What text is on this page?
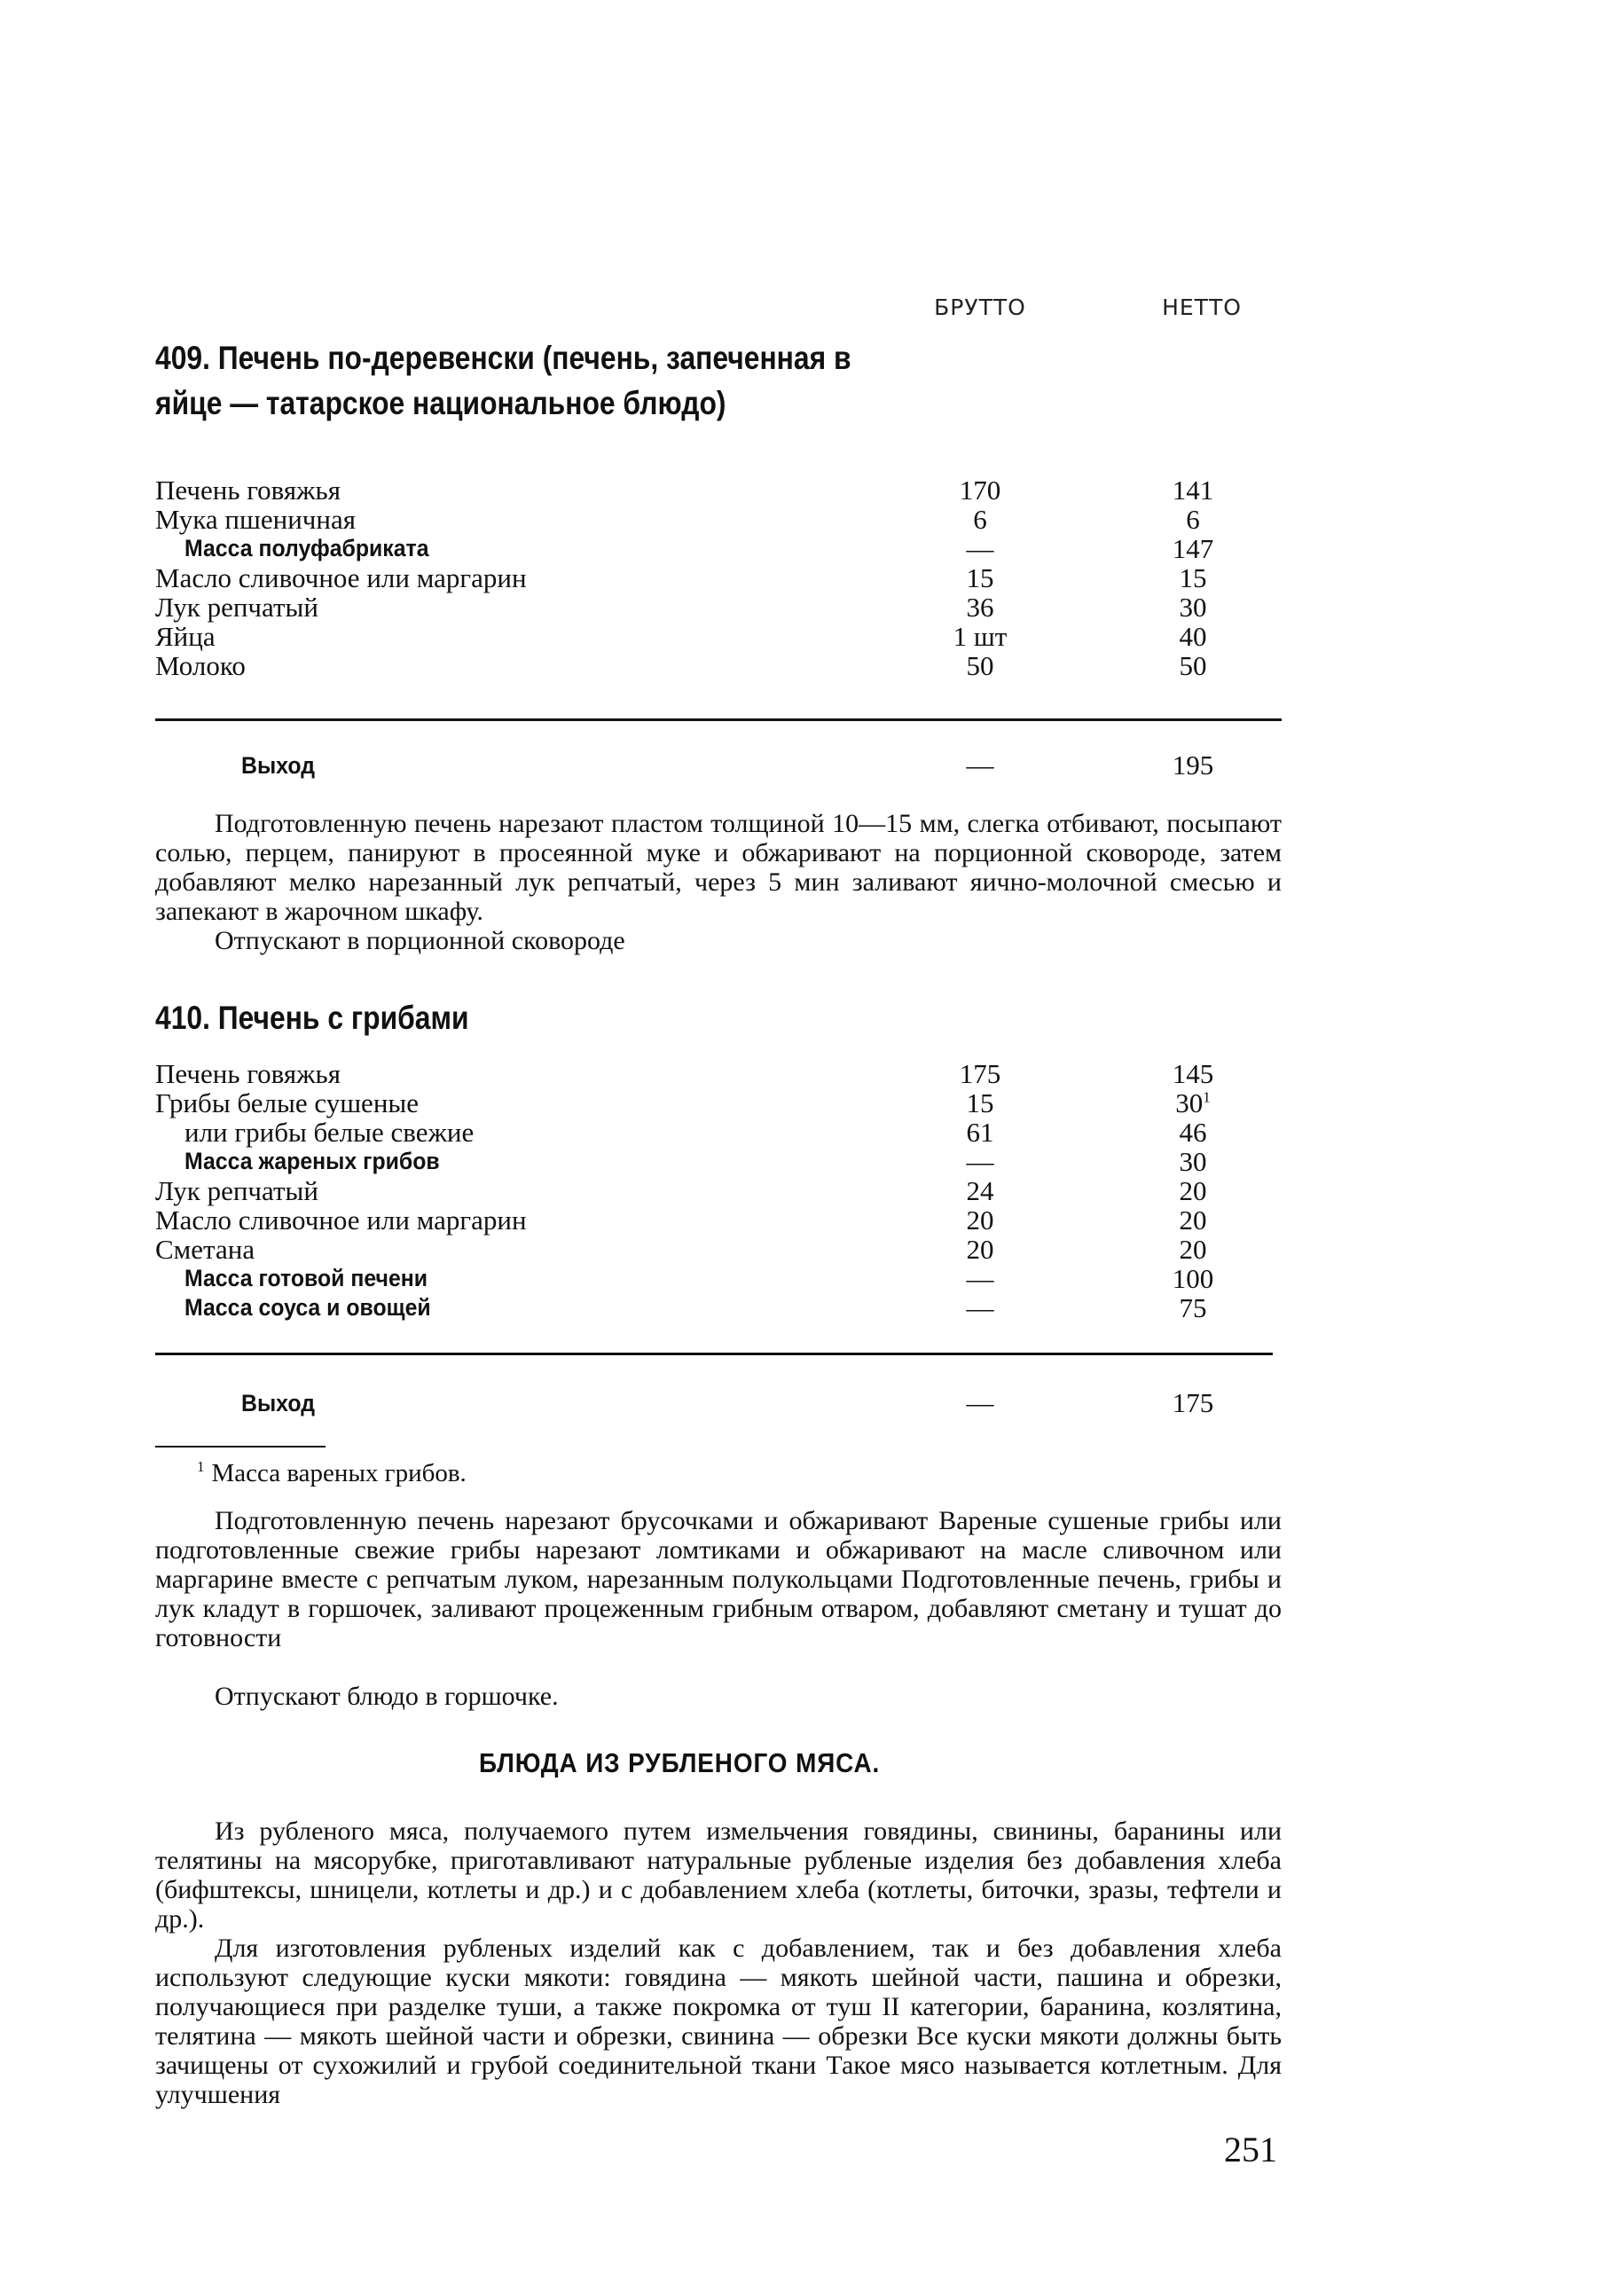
БРУТТО	НЕТТО
409. Печень по-деревенски (печень, запеченная в яйце — татарское национальное блюдо)
Печень говяжья	170	141
Мука пшеничная	6	6
Масса полуфабриката	—	147
Масло сливочное или маргарин	15	15
Лук репчатый	36	30
Яйца	1 шт	40
Молоко	50	50
Выход	—	195

Подготовленную печень нарезают пластом толщиной 10—15 мм, слегка отбивают, посыпают солью, перцем, панируют в просеянной муке и обжаривают на порционной сковороде, затем добавляют мелко нарезанный лук репчатый, через 5 мин заливают яично-молочной смесью и запекают в жарочном шкафу.

Отпускают в порционной сковороде
410. Печень с грибами
Печень говяжья	175	145
Грибы белые сушеные	15	30$^1$
или грибы белые свежие	61	46
Масса жареных грибов	—	30
Лук репчатый	24	20
Масло сливочное или маргарин	20	20
Сметана	20	20
Масса готовой печени	—	100
Масса соуса и овощей	—	75
Выход	—	175
$^1$ Масса вареных грибов.

Подготовленную печень нарезают брусочками и обжаривают Вареные сушеные грибы или подготовленные свежие грибы нарезают ломтиками и обжаривают на масле сливочном или маргарине вместе с репчатым луком, нарезанным полукольцами Подготовленные печень, грибы и лук кладут в горшочек, заливают процеженным грибным отваром, добавляют сметану и тушат до готовности

Отпускают блюдо в горшочке.
БЛЮДА ИЗ РУБЛЕНОГО МЯСА.

Из рубленого мяса, получаемого путем измельчения говядины, свинины, баранины или телятины на мясорубке, приготавливают натуральные рубленые изделия без добавления хлеба (бифштексы, шницели, котлеты и др.) и с добавлением хлеба (котлеты, биточки, зразы, тефтели и др.).

Для изготовления рубленых изделий как с добавлением, так и без добавления хлеба используют следующие куски мякоти: говядина — мякоть шейной части, пашина и обрезки, получающиеся при разделке туши, а также покромка от туш II категории, баранина, козлятина, телятина — мякоть шейной части и обрезки, свинина — обрезки Все куски мякоти должны быть зачищены от сухожилий и грубой соединительной ткани Такое мясо называется котлетным. Для улучшения

251
